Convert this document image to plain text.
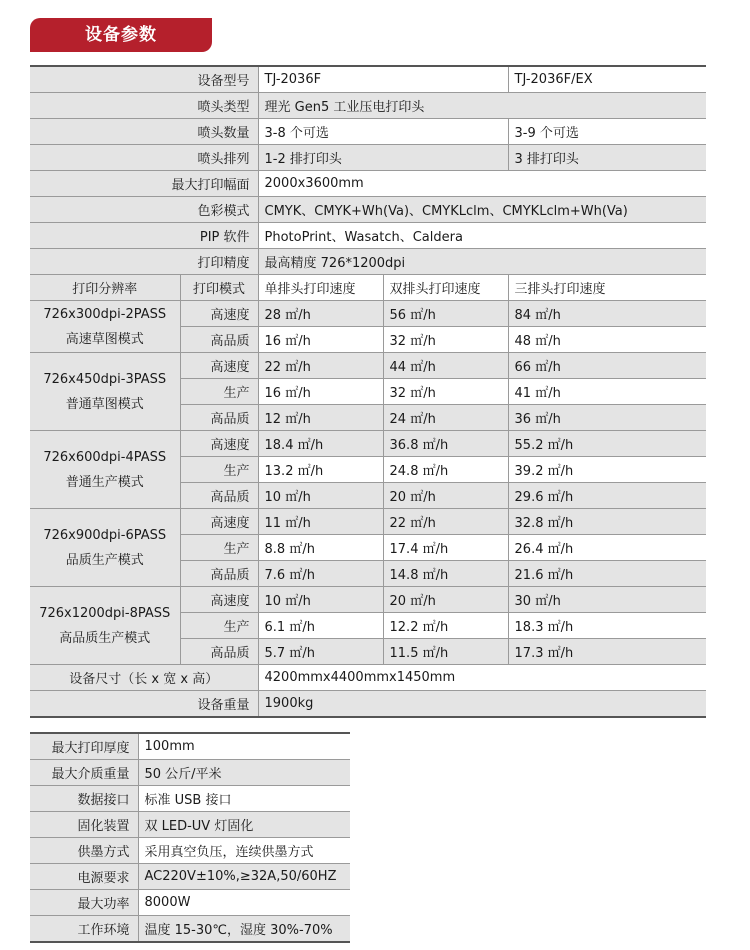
设备参数
设备型号		TJ-2036F		TJ-2036F/EX
喷头类型		理光 Gen5 工业压电打印头		
喷头数量		3-8 个可选		3-9 个可选
喷头排列		1-2 排打印头		3 排打印头
最大打印幅面		2000x3600mm		
色彩模式		CMYK、CMYK+Wh(Va)、CMYKLclm、CMYKLclm+Wh(Va)		
PIP 软件		PhotoPrint、Wasatch、Caldera		
打印精度		最高精度 726*1200dpi		
打印分辨率	打印模式	单排头打印速度	双排头打印速度	三排头打印速度

726x300dpi-2PASS
高速草图模式	高速度	28 ㎡/h	56 ㎡/h	84 ㎡/h
	高品质	16 ㎡/h	32 ㎡/h	48 ㎡/h

726x450dpi-3PASS
普通草图模式	高速度	22 ㎡/h	44 ㎡/h	66 ㎡/h
	生产	16 ㎡/h	32 ㎡/h	41 ㎡/h
	高品质	12 ㎡/h	24 ㎡/h	36 ㎡/h

726x600dpi-4PASS
普通生产模式	高速度	18.4 ㎡/h	36.8 ㎡/h	55.2 ㎡/h
	生产	13.2 ㎡/h	24.8 ㎡/h	39.2 ㎡/h
	高品质	10 ㎡/h	20 ㎡/h	29.6 ㎡/h

726x900dpi-6PASS
品质生产模式	高速度	11 ㎡/h	22 ㎡/h	32.8 ㎡/h
	生产	8.8 ㎡/h	17.4 ㎡/h	26.4 ㎡/h
	高品质	7.6 ㎡/h	14.8 ㎡/h	21.6 ㎡/h

726x1200dpi-8PASS
高品质生产模式	高速度	10 ㎡/h	20 ㎡/h	30 ㎡/h
	生产	6.1 ㎡/h	12.2 ㎡/h	18.3 ㎡/h
	高品质	5.7 ㎡/h	11.5 ㎡/h	17.3 ㎡/h
设备尺寸（长 x 宽 x 高）		4200mmx4400mmx1450mm		
设备重量		1900kg		
最大打印厚度	100mm
最大介质重量	50 公斤/平米
数据接口	标准 USB 接口
固化装置	双 LED-UV 灯固化
供墨方式	采用真空负压，连续供墨方式
电源要求	AC220V±10%,≥32A,50/60HZ
最大功率	8000W
工作环境	温度 15-30℃，湿度 30%-70%
